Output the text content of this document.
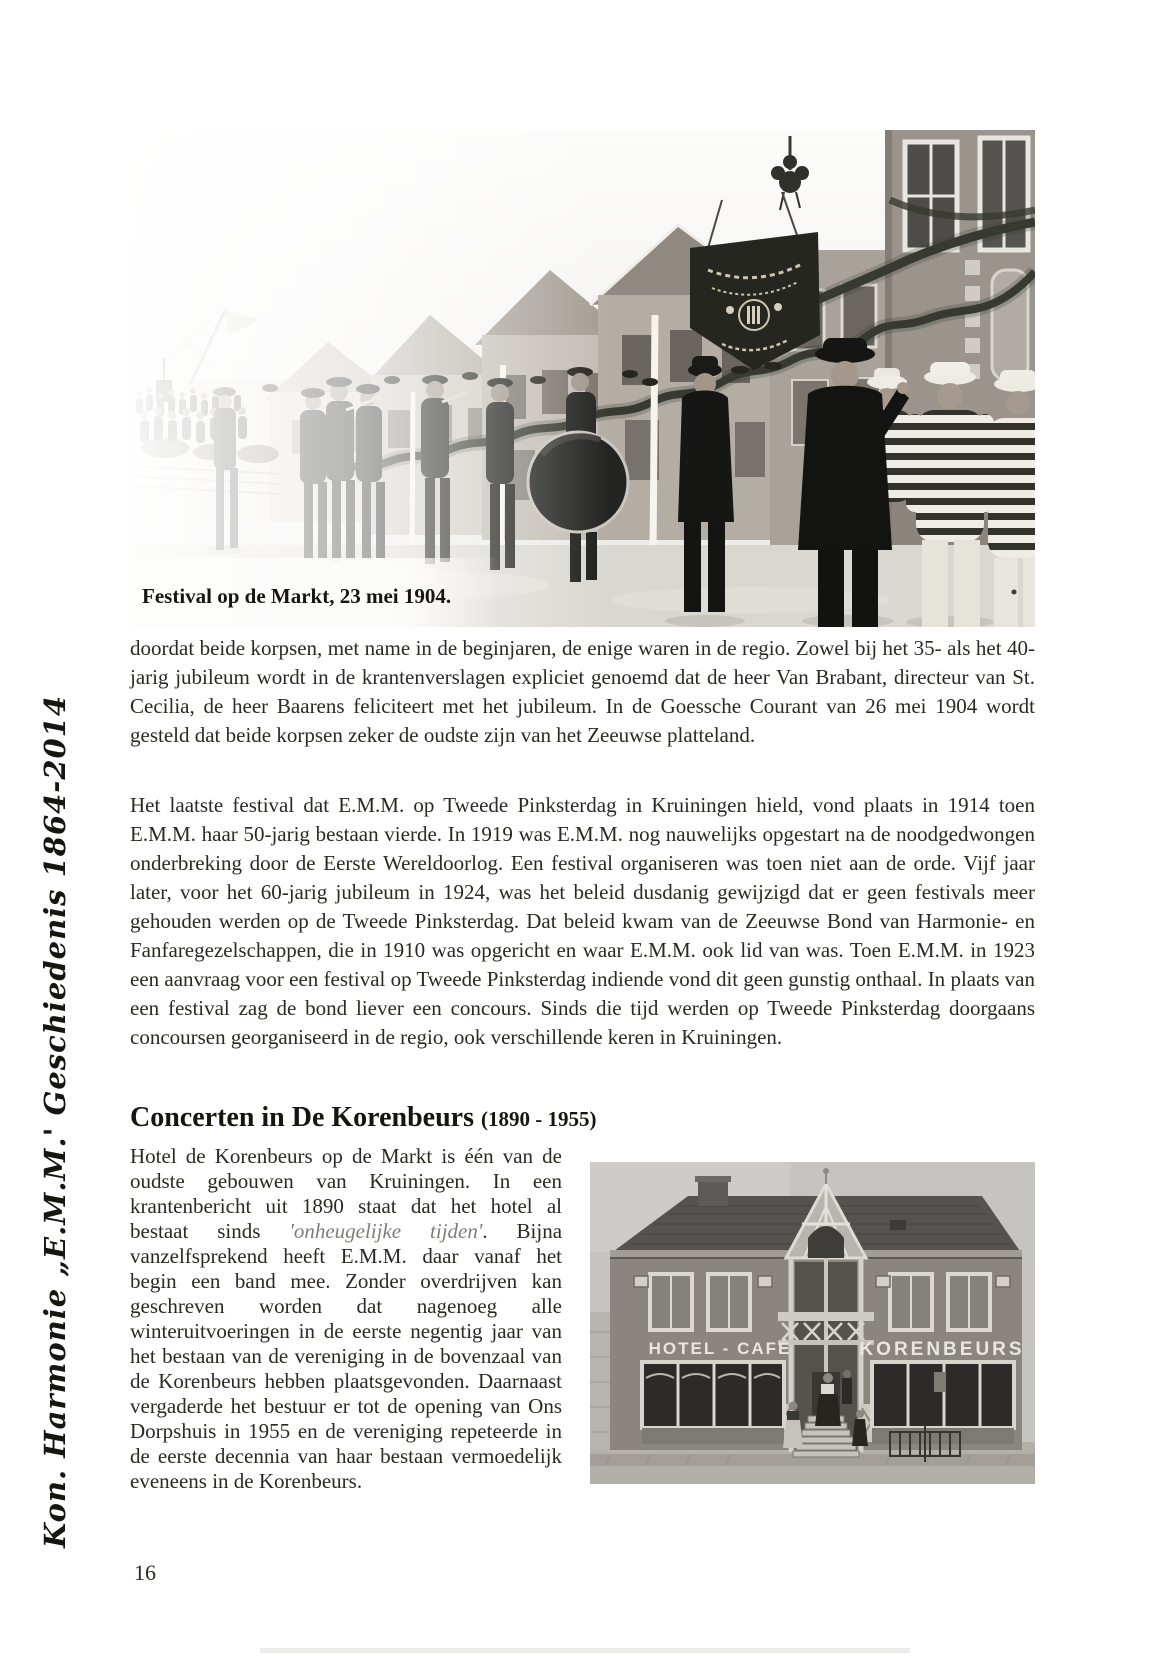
Kon. Harmonie „E.M.M.' Geschiedenis 1864-2014
Festival op de Markt, 23 mei 1904.
doordat beide korpsen, met name in de beginjaren, de enige waren in de regio. Zowel bij het 35- als het 40-jarig jubileum wordt in de krantenverslagen expliciet genoemd dat de heer Van Brabant, directeur van St. Cecilia, de heer Baarens feliciteert met het jubileum. In de Goessche Courant van 26 mei 1904 wordt gesteld dat beide korpsen zeker de oudste zijn van het Zeeuwse platteland.
Het laatste festival dat E.M.M. op Tweede Pinksterdag in Kruiningen hield, vond plaats in 1914 toen E.M.M. haar 50-jarig bestaan vierde. In 1919 was E.M.M. nog nauwelijks opgestart na de noodgedwongen onderbreking door de Eerste Wereldoorlog. Een festival organiseren was toen niet aan de orde. Vijf jaar later, voor het 60-jarig jubileum in 1924, was het beleid dusdanig gewijzigd dat er geen festivals meer gehouden werden op de Tweede Pinksterdag. Dat beleid kwam van de Zeeuwse Bond van Harmonie- en Fanfaregezelschappen, die in 1910 was opgericht en waar E.M.M. ook lid van was. Toen E.M.M. in 1923 een aanvraag voor een festival op Tweede Pinksterdag indiende vond dit geen gunstig onthaal. In plaats van een festival zag de bond liever een concours. Sinds die tijd werden op Tweede Pinksterdag doorgaans concoursen georganiseerd in de regio, ook verschillende keren in Kruiningen.
Concerten in De Korenbeurs (1890 - 1955)
Hotel de Korenbeurs op de Markt is één van de oudste gebouwen van Kruiningen. In een krantenbericht uit 1890 staat dat het hotel al bestaat sinds 'onheugelijke tijden'. Bijna vanzelfsprekend heeft E.M.M. daar vanaf het begin een band mee. Zonder overdrijven kan geschreven worden dat nagenoeg alle winteruitvoeringen in de eerste negentig jaar van het bestaan van de vereniging in de bovenzaal van de Korenbeurs hebben plaatsgevonden. Daarnaast vergaderde het bestuur er tot de opening van Ons Dorpshuis in 1955 en de vereniging repeteerde in de eerste decennia van haar bestaan vermoedelijk eveneens in de Korenbeurs.
HOTEL - CAFÉ	KORENBEURS
16
